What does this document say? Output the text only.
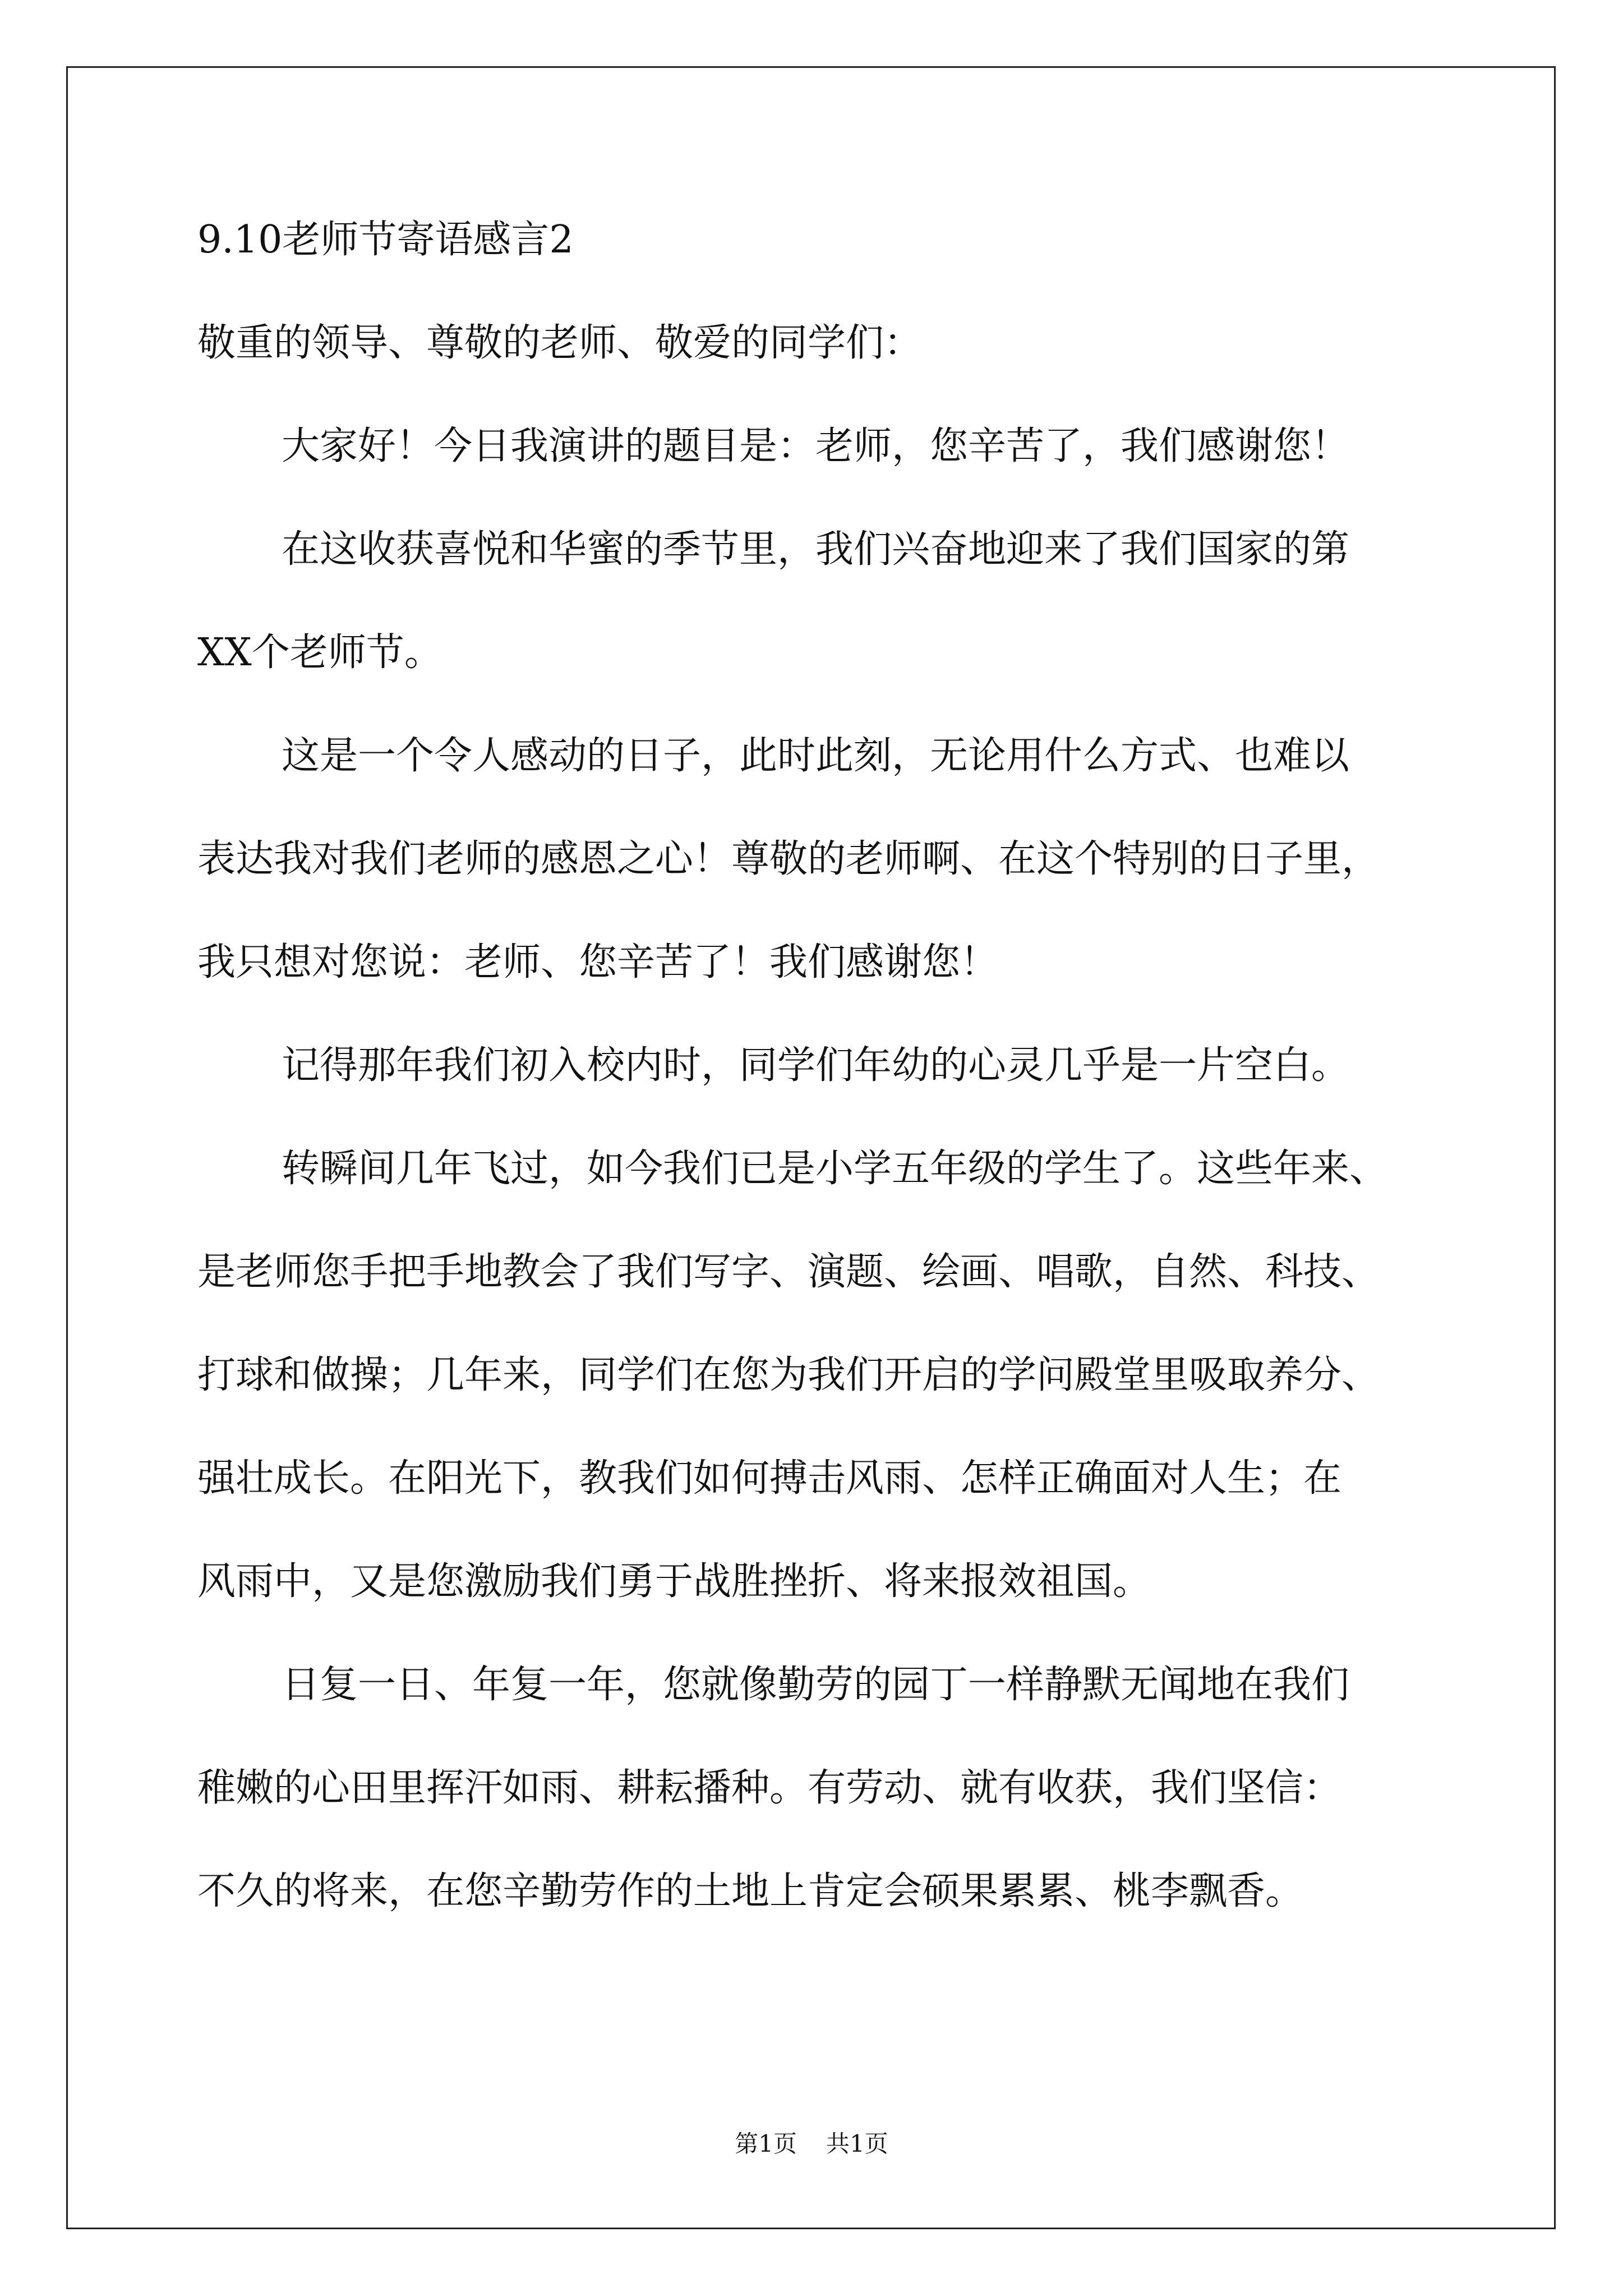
9.10老师节寄语感言2
敬重的领导、尊敬的老师、敬爱的同学们：
大家好！今日我演讲的题目是：老师，您辛苦了，我们感谢您！
在这收获喜悦和华蜜的季节里，我们兴奋地迎来了我们国家的第
XX个老师节。
这是一个令人感动的日子，此时此刻，无论用什么方式、也难以
表达我对我们老师的感恩之心！尊敬的老师啊、在这个特别的日子里，
我只想对您说：老师、您辛苦了！我们感谢您！
记得那年我们初入校内时，同学们年幼的心灵几乎是一片空白。
转瞬间几年飞过，如今我们已是小学五年级的学生了。这些年来、
是老师您手把手地教会了我们写字、演题、绘画、唱歌，自然、科技、
打球和做操；几年来，同学们在您为我们开启的学问殿堂里吸取养分、
强壮成长。在阳光下，教我们如何搏击风雨、怎样正确面对人生；在
风雨中，又是您激励我们勇于战胜挫折、将来报效祖国。
日复一日、年复一年，您就像勤劳的园丁一样静默无闻地在我们
稚嫩的心田里挥汗如雨、耕耘播种。有劳动、就有收获，我们坚信：
不久的将来，在您辛勤劳作的土地上肯定会硕果累累、桃李飘香。
第1页 共1页
